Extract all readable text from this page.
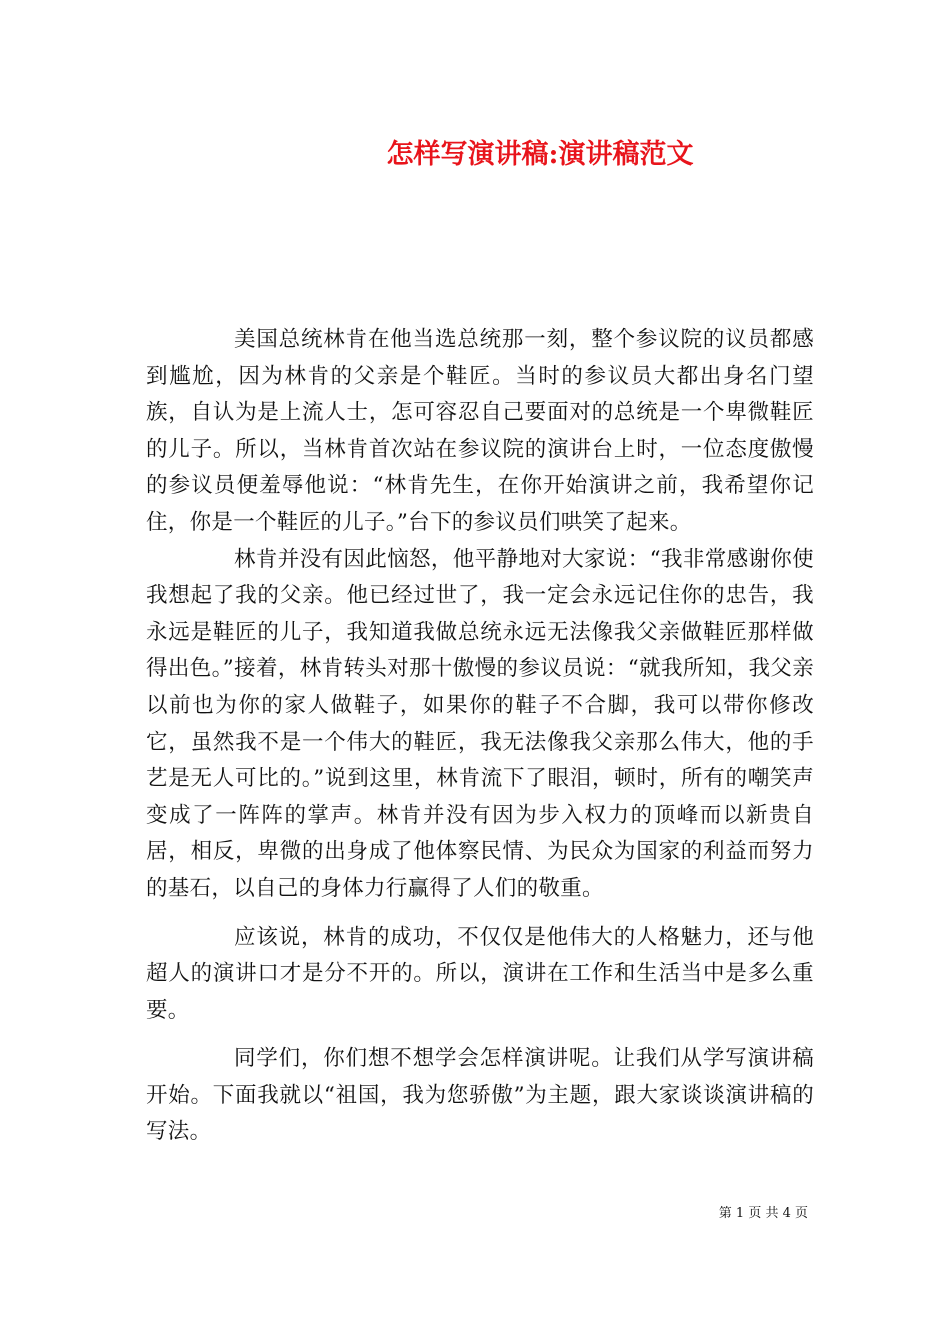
怎样写演讲稿:演讲稿范文

美国总统林肯在他当选总统那一刻，整个参议院的议员都感到尴尬，因为林肯的父亲是个鞋匠。当时的参议员大都出身名门望族，自认为是上流人士，怎可容忍自己要面对的总统是一个卑微鞋匠的儿子。所以，当林肯首次站在参议院的演讲台上时，一位态度傲慢的参议员便羞辱他说：“林肯先生，在你开始演讲之前，我希望你记住，你是一个鞋匠的儿子。”台下的参议员们哄笑了起来。

林肯并没有因此恼怒，他平静地对大家说：“我非常感谢你使我想起了我的父亲。他已经过世了，我一定会永远记住你的忠告，我永远是鞋匠的儿子，我知道我做总统永远无法像我父亲做鞋匠那样做得出色。”接着，林肯转头对那十傲慢的参议员说：“就我所知，我父亲以前也为你的家人做鞋子，如果你的鞋子不合脚，我可以带你修改它，虽然我不是一个伟大的鞋匠，我无法像我父亲那么伟大，他的手艺是无人可比的。”说到这里，林肯流下了眼泪，顿时，所有的嘲笑声变成了一阵阵的掌声。林肯并没有因为步入权力的顶峰而以新贵自居，相反，卑微的出身成了他体察民情、为民众为国家的利益而努力的基石，以自己的身体力行赢得了人们的敬重。

应该说，林肯的成功，不仅仅是他伟大的人格魅力，还与他超人的演讲口才是分不开的。所以，演讲在工作和生活当中是多么重要。

同学们，你们想不想学会怎样演讲呢。让我们从学写演讲稿开始。下面我就以“祖国，我为您骄傲”为主题，跟大家谈谈演讲稿的写法。

第 1 页 共 4 页
